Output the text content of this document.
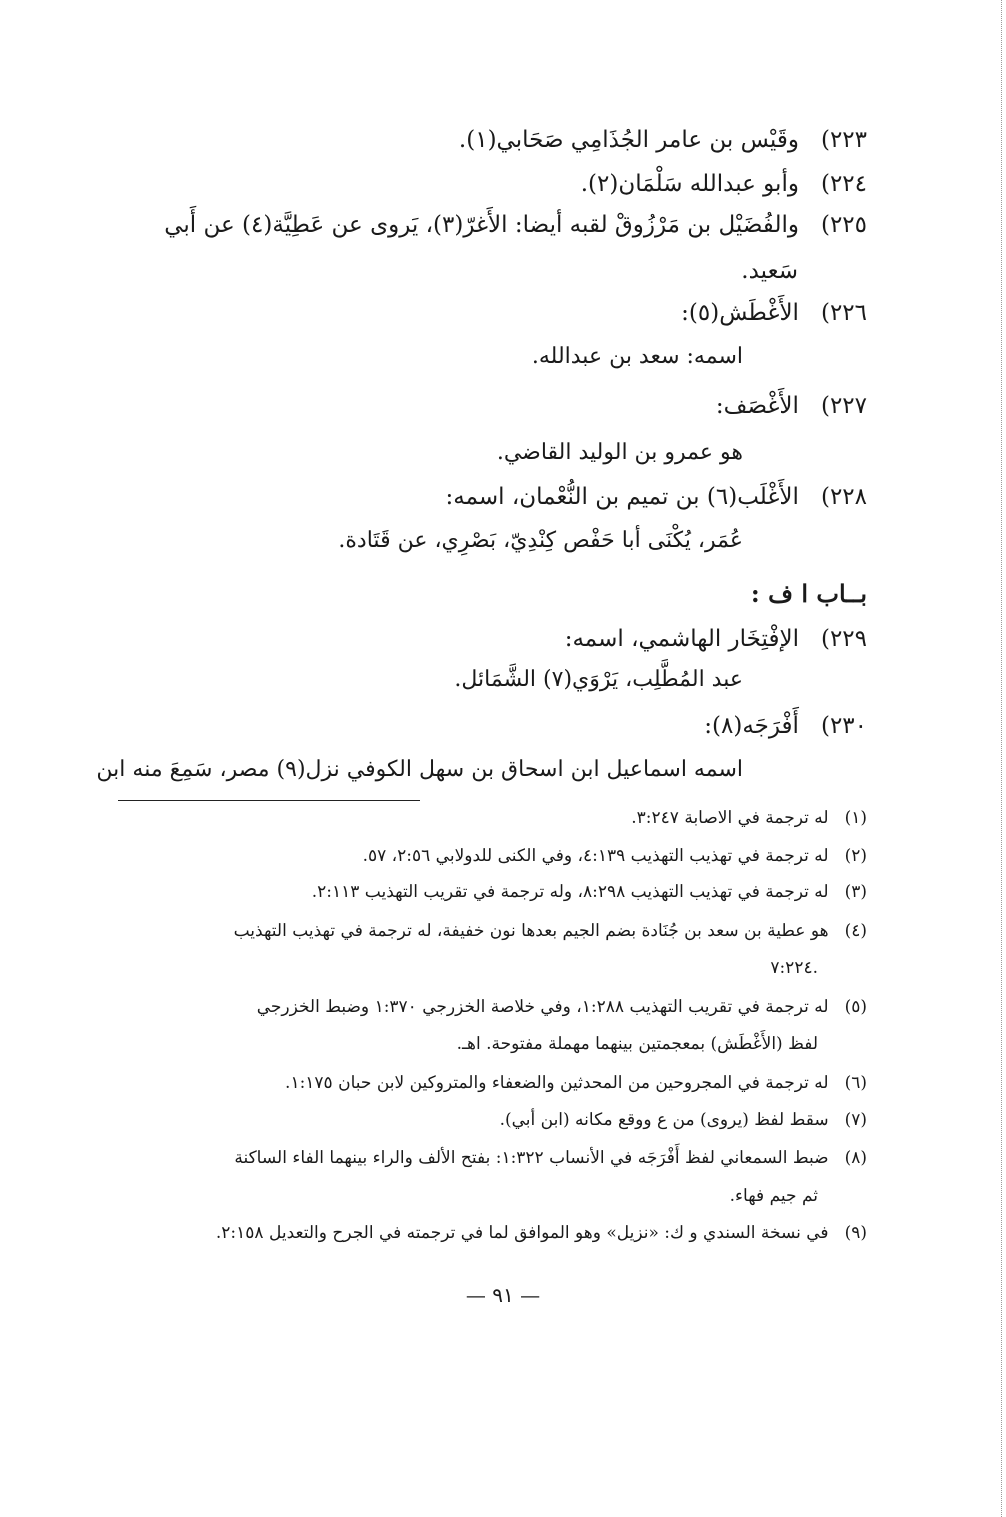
٢٢٣)وقَيْس بن عامر الجُذَامِي صَحَابي(١).
٢٢٤)وأبو عبدالله سَلْمَان(٢).
٢٢٥)والفُضَيْل بن مَرْزُوقْ لقبه أيضا: الأَغرّ(٣)، يَروى عن عَطِيَّة(٤) عن أَبي
سَعيد.
٢٢٦)الأَغْطَش(٥):
اسمه: سعد بن عبدالله.
٢٢٧)الأَغْصَف:
هو عمرو بن الوليد القاضي.
٢٢٨)الأَغْلَب(٦) بن تميم بن النُّعْمان، اسمه:
عُمَر، يُكْنَى أبا حَفْص كِنْدِيّ، بَصْرِي، عن قَتَادة.
بــاب ا ف :
٢٢٩)الإفْتِخَار الهاشمي، اسمه:
عبد المُطَّلِب، يَرْوَي(٧) الشَّمَائل.
٢٣٠)أَفْرَجَه(٨):
اسمه اسماعيل ابن اسحاق بن سهل الكوفي نزل(٩) مصر، سَمِعَ منه ابن
(١)له ترجمة في الاصابة ٣:٢٤٧.
(٢)له ترجمة في تهذيب التهذيب ٤:١٣٩، وفي الكنى للدولابي ٢:٥٦، ٥٧.
(٣)له ترجمة في تهذيب التهذيب ٨:٢٩٨، وله ترجمة في تقريب التهذيب ٢:١١٣.
(٤)هو عطية بن سعد بن جُنَادة بضم الجيم بعدها نون خفيفة، له ترجمة في تهذيب التهذيب
٧:٢٢٤.
(٥)له ترجمة في تقريب التهذيب ١:٢٨٨، وفي خلاصة الخزرجي ١:٣٧٠ وضبط الخزرجي
لفظ (الأَغْطَش) بمعجمتين بينهما مهملة مفتوحة. اهـ.
(٦)له ترجمة في المجروحين من المحدثين والضعفاء والمتروكين لابن حبان ١:١٧٥.
(٧)سقط لفظ (يروى) من ع ووقع مكانه (ابن أبي).
(٨)ضبط السمعاني لفظ أَفْرَجَه في الأنساب ١:٣٢٢: بفتح الألف والراء بينهما الفاء الساكنة
ثم جيم فهاء.
(٩)في نسخة السندي و ك: «نزيل» وهو الموافق لما في ترجمته في الجرح والتعديل ٢:١٥٨.
— ٩١ —
